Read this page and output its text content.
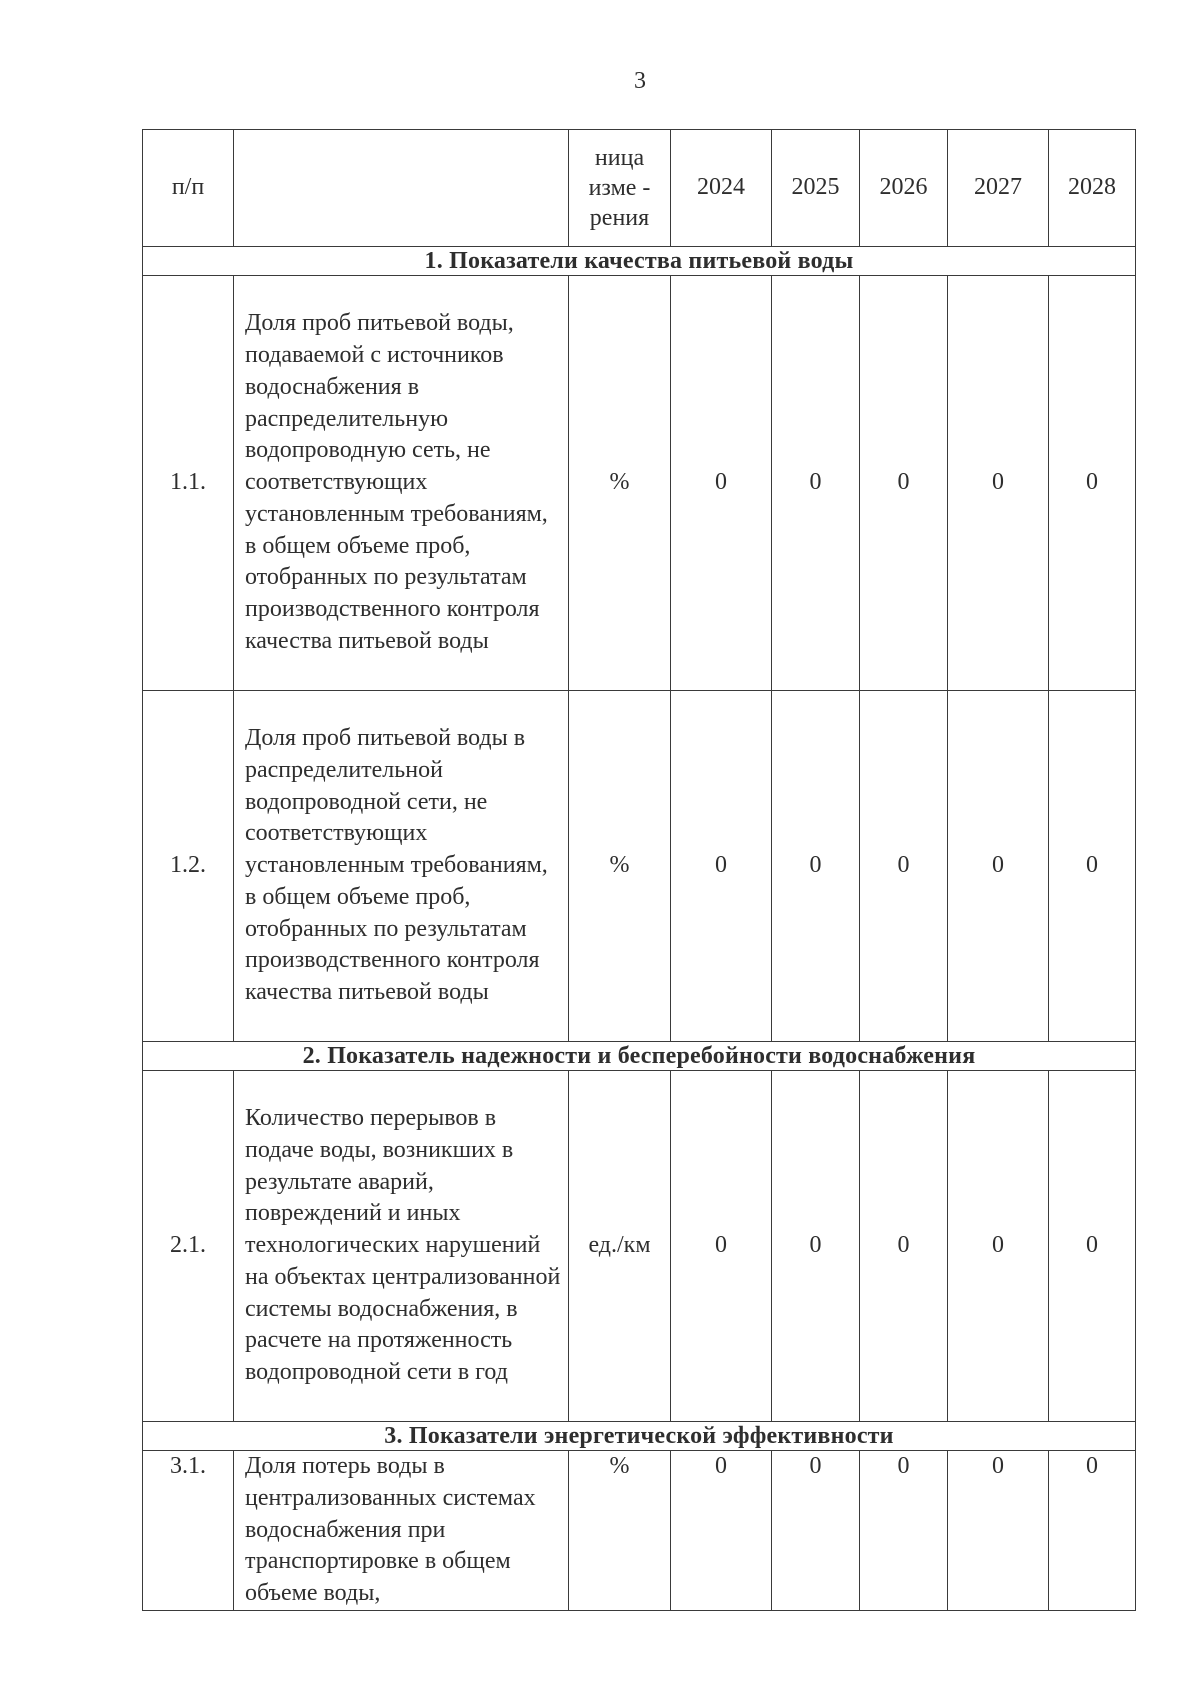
3
п/п		ница изме - рения	2024	2025	2026	2027	2028
1. Показатели качества питьевой воды							
1.1.	Доля проб питьевой воды, подаваемой с источников водоснабжения в распределительную водопроводную сеть, не соответствующих установленным требованиям, в общем объеме проб, отобранных по результатам производственного контроля качества питьевой воды	%	0	0	0	0	0
1.2.	Доля проб питьевой воды в распределительной водопроводной сети, не соответствующих установленным требованиям, в общем объеме проб, отобранных по результатам производственного контроля качества питьевой воды	%	0	0	0	0	0
2. Показатель надежности и бесперебойности водоснабжения							
2.1.	Количество перерывов в подаче воды, возникших в результате аварий, повреждений и иных технологических нарушений на объектах централизованной системы водоснабжения, в расчете на протяженность водопроводной сети в год	ед./км	0	0	0	0	0
3. Показатели энергетической эффективности							
3.1.	Доля потерь воды в централизованных системах водоснабжения при транспортировке в общем объеме воды,	%	0	0	0	0	0
